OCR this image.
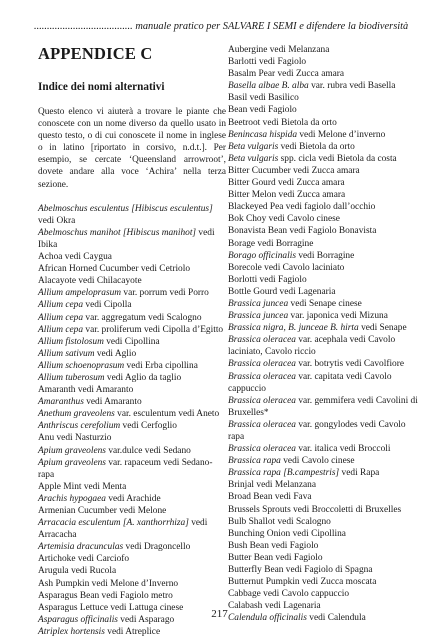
...................................... manuale pratico per SALVARE I SEMI e difendere la biodiversità
APPENDICE C
Indice dei nomi alternativi

Questo elenco vi aiuterà a trovare le piante che conoscete con un nome diverso da quello usato in questo testo, o di cui conoscete il nome in inglese o in latino [riportato in corsivo, n.d.t.]. Per esempio, se cercate ‘Queensland arrowroot’, dovete andare alla voce ‘Achira’ nella terza sezione.

Abelmoschus esculentus [Hibiscus esculentus] vedi Okra
Abelmoschus manihot [Hibiscus manihot] vedi Ibika
Achoa vedi Caygua
African Horned Cucumber vedi Cetriolo
Alacayote vedi Chilacayote
Allium ampeloprasum var. porrum vedi Porro
Allium cepa vedi Cipolla
Allium cepa var. aggregatum vedi Scalogno
Allium cepa var. proliferum vedi Cipolla d’Egitto
Allium fistolosum vedi Cipollina
Allium sativum vedi Aglio
Allium schoenoprasum vedi Erba cipollina
Allium tuberosum vedi Aglio da taglio
Amaranth vedi Amaranto
Amaranthus vedi Amaranto
Anethum graveolens var. esculentum vedi Aneto
Anthriscus cerefolium vedi Cerfoglio
Anu vedi Nasturzio
Apium graveolens var.dulce vedi Sedano
Apium graveolens var. rapaceum vedi Sedano-rapa
Apple Mint vedi Menta
Arachis hypogaea vedi Arachide
Armenian Cucumber vedi Melone
Arracacia esculentum [A. xanthorrhiza] vedi Arracacha
Artemisia dracunculas vedi Dragoncello
Artichoke vedi Carciofo
Arugula vedi Rucola
Ash Pumpkin vedi Melone d’Inverno
Asparagus Bean vedi Fagiolo metro
Asparagus Lettuce vedi Lattuga cinese
Asparagus officinalis vedi Asparago
Atriplex hortensis vedi Atreplice
Aubergine vedi Melanzana
Barlotti vedi Fagiolo
Basalm Pear vedi Zucca amara
Basella albae B. alba var. rubra vedi Basella
Basil vedi Basilico
Bean vedi Fagiolo
Beetroot vedi Bietola da orto
Benincasa hispida vedi Melone d’inverno
Beta vulgaris vedi Bietola da orto
Beta vulgaris spp. cicla vedi Bietola da costa
Bitter Cucumber vedi Zucca amara
Bitter Gourd vedi Zucca amara
Bitter Melon vedi Zucca amara
Blackeyed Pea vedi fagiolo dall’occhio
Bok Choy vedi Cavolo cinese
Bonavista Bean vedi Fagiolo Bonavista
Borage vedi Borragine
Borago officinalis vedi Borragine
Borecole vedi Cavolo laciniato
Borlotti vedi Fagiolo
Bottle Gourd vedi Lagenaria
Brassica juncea vedi Senape cinese
Brassica juncea var. japonica vedi Mizuna
Brassica nigra, B. junceae B. hirta vedi Senape
Brassica oleracea var. acephala vedi Cavolo laciniato, Cavolo riccio
Brassica oleracea var. botrytis vedi Cavolfiore
Brassica oleracea var. capitata vedi Cavolo cappuccio
Brassica oleracea var. gemmifera vedi Cavolini di Bruxelles*
Brassica oleracea var. gongylodes vedi Cavolo rapa
Brassica oleracea var. italica vedi Broccoli
Brassica rapa vedi Cavolo cinese
Brassica rapa [B.campestris] vedi Rapa
Brinjal vedi Melanzana
Broad Bean vedi Fava
Brussels Sprouts vedi Broccoletti di Bruxelles
Bulb Shallot vedi Scalogno
Bunching Onion vedi Cipollina
Bush Bean vedi Fagiolo
Butter Bean vedi Fagiolo
Butterfly Bean vedi Fagiolo di Spagna
Butternut Pumpkin vedi Zucca moscata
Cabbage vedi Cavolo cappuccio
Calabash vedi Lagenaria
Calendula officinalis vedi Calendula
217
